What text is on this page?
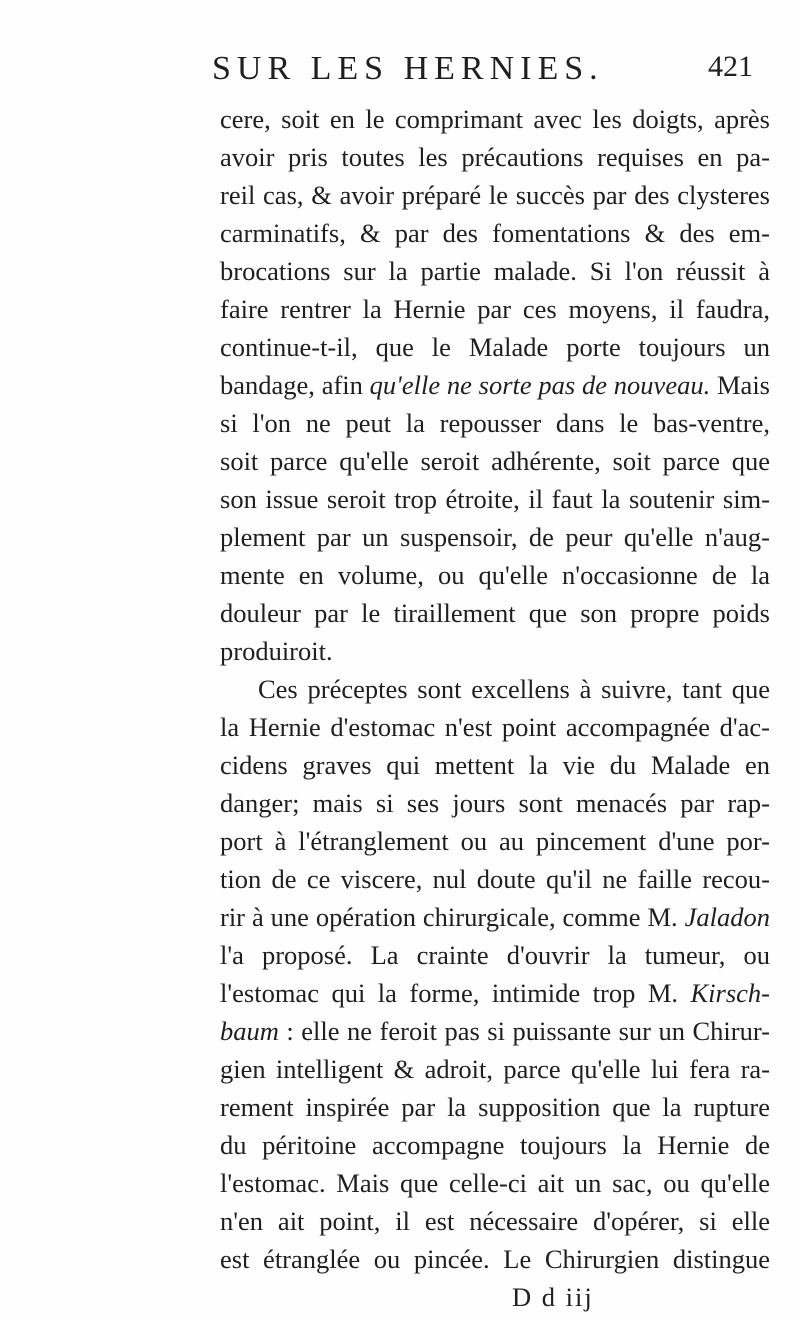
SUR LES HERNIES.	421
cere, soit en le comprimant avec les doigts, après
avoir pris toutes les précautions requises en pa-
reil cas, & avoir préparé le succès par des clysteres
carminatifs, & par des fomentations & des em-
brocations sur la partie malade. Si l'on réussit à
faire rentrer la Hernie par ces moyens, il faudra,
continue-t-il, que le Malade porte toujours un
bandage, afin qu'elle ne sorte pas de nouveau. Mais
si l'on ne peut la repousser dans le bas-ventre,
soit parce qu'elle seroit adhérente, soit parce que
son issue seroit trop étroite, il faut la soutenir sim-
plement par un suspensoir, de peur qu'elle n'aug-
mente en volume, ou qu'elle n'occasionne de la
douleur par le tiraillement que son propre poids
produiroit.
Ces préceptes sont excellens à suivre, tant que
la Hernie d'estomac n'est point accompagnée d'ac-
cidens graves qui mettent la vie du Malade en
danger; mais si ses jours sont menacés par rap-
port à l'étranglement ou au pincement d'une por-
tion de ce viscere, nul doute qu'il ne faille recou-
rir à une opération chirurgicale, comme M. Jaladon
l'a proposé. La crainte d'ouvrir la tumeur, ou
l'estomac qui la forme, intimide trop M. Kirsch-
baum : elle ne feroit pas si puissante sur un Chirur-
gien intelligent & adroit, parce qu'elle lui fera ra-
rement inspirée par la supposition que la rupture
du péritoine accompagne toujours la Hernie de
l'estomac. Mais que celle-ci ait un sac, ou qu'elle
n'en ait point, il est nécessaire d'opérer, si elle
est étranglée ou pincée. Le Chirurgien distingue
D d iij
